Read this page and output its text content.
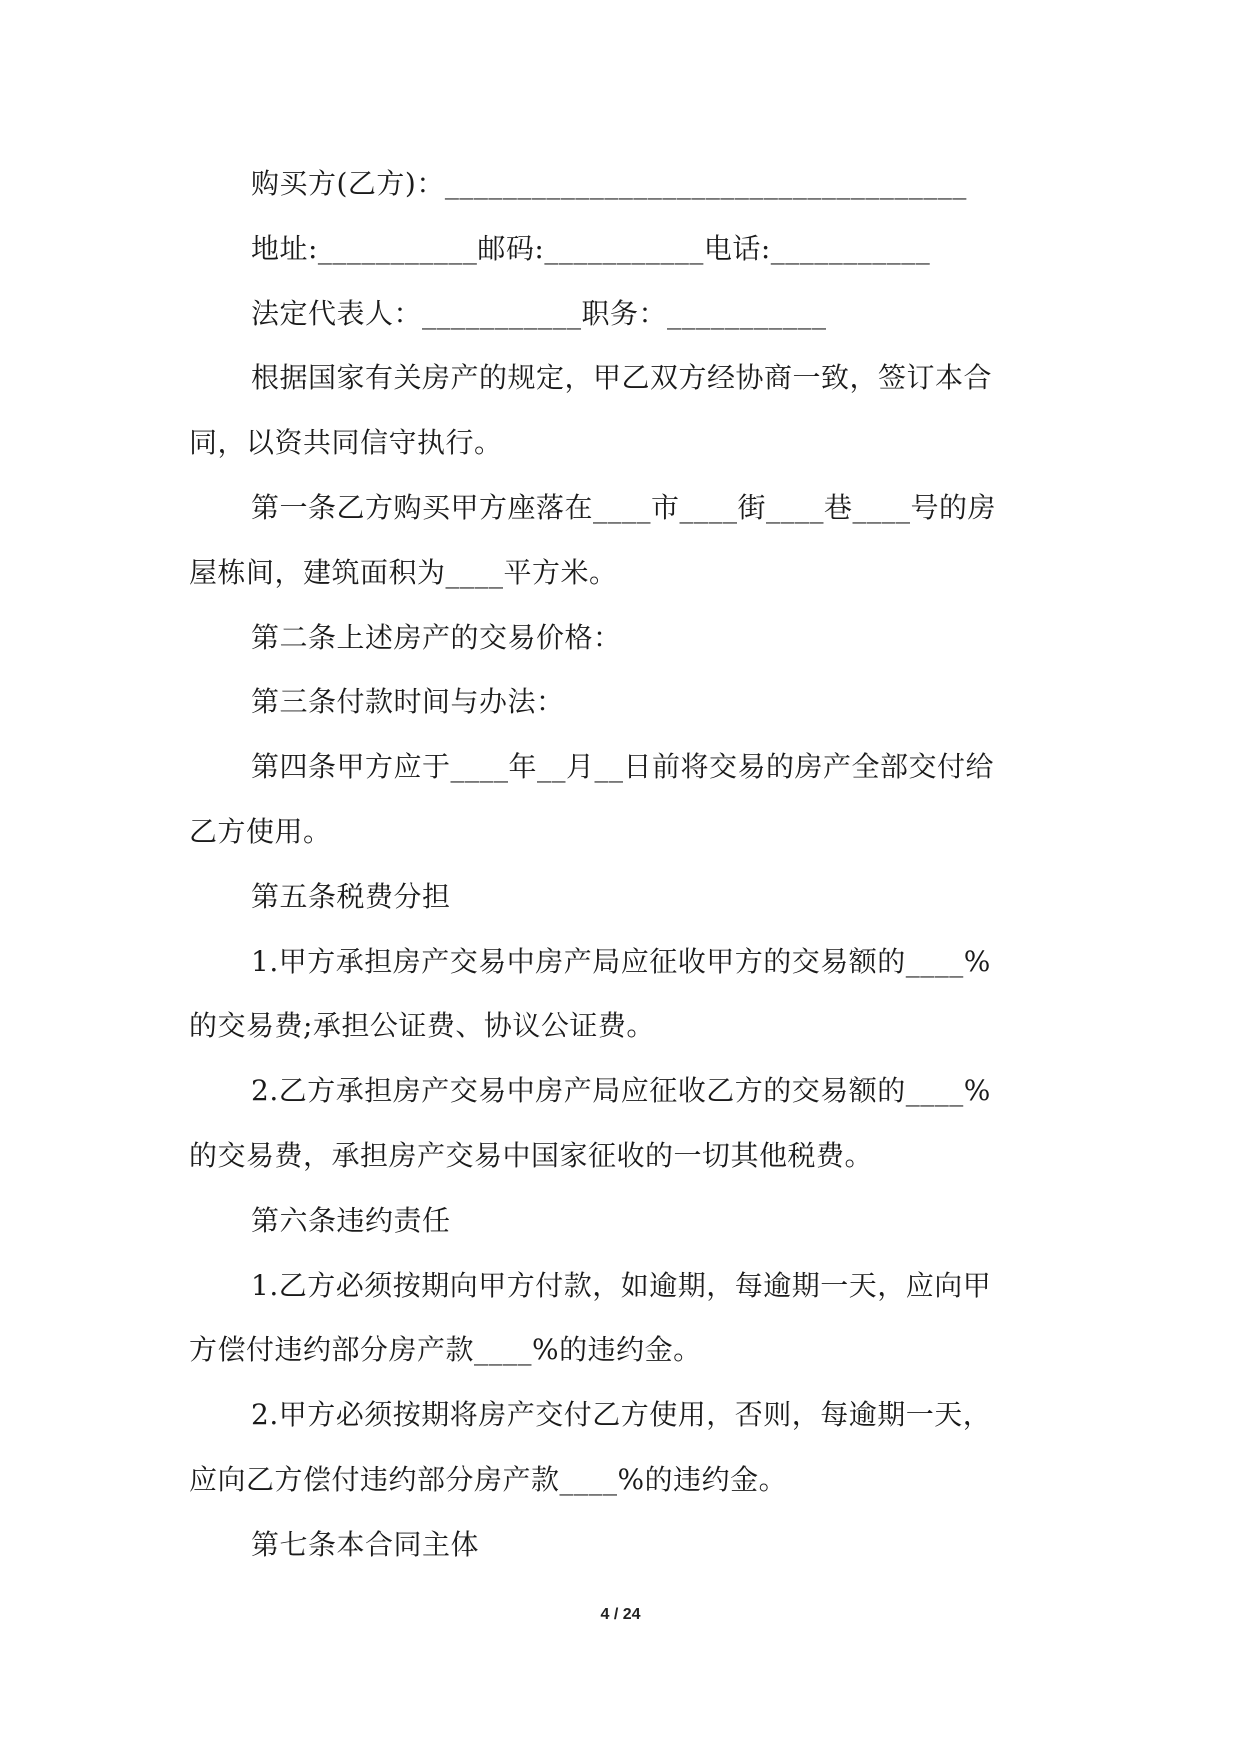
购买方(乙方)：____________________________________
地址:___________邮码:___________电话:___________
法定代表人：___________职务：___________
根据国家有关房产的规定，甲乙双方经协商一致，签订本合
同，以资共同信守执行。
第一条乙方购买甲方座落在____市____街____巷____号的房
屋栋间，建筑面积为____平方米。
第二条上述房产的交易价格：
第三条付款时间与办法：
第四条甲方应于____年__月__日前将交易的房产全部交付给
乙方使用。
第五条税费分担
1.甲方承担房产交易中房产局应征收甲方的交易额的____%
的交易费;承担公证费、协议公证费。
2.乙方承担房产交易中房产局应征收乙方的交易额的____%
的交易费，承担房产交易中国家征收的一切其他税费。
第六条违约责任
1.乙方必须按期向甲方付款，如逾期，每逾期一天，应向甲
方偿付违约部分房产款____%的违约金。
2.甲方必须按期将房产交付乙方使用，否则，每逾期一天，
应向乙方偿付违约部分房产款____%的违约金。
第七条本合同主体
4 / 24
